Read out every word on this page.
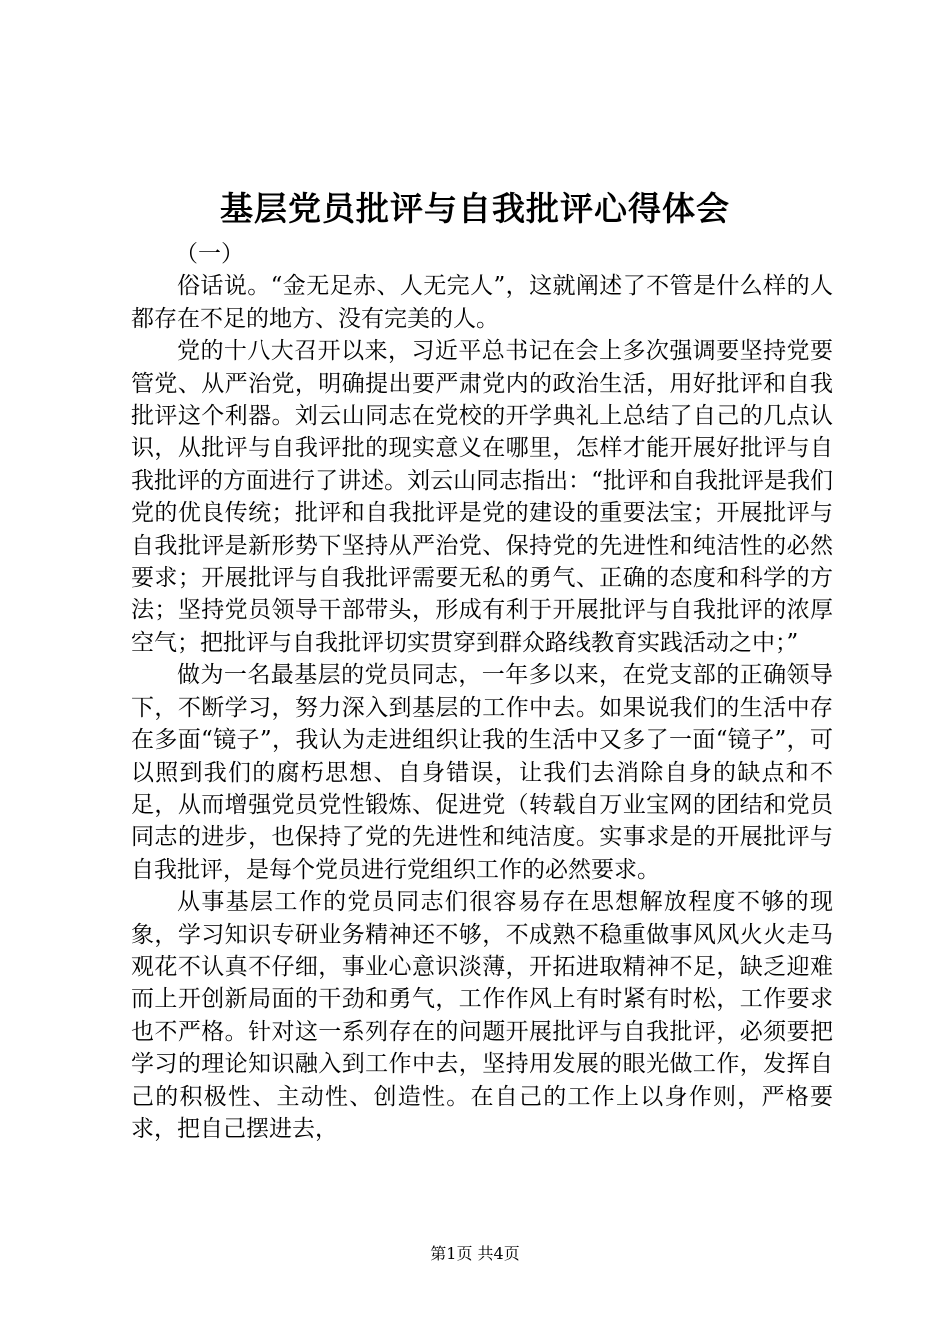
基层党员批评与自我批评心得体会

（一）

俗话说。“金无足赤、人无完人”，这就阐述了不管是什么样的人都存在不足的地方、没有完美的人。

党的十八大召开以来，习近平总书记在会上多次强调要坚持党要管党、从严治党，明确提出要严肃党内的政治生活，用好批评和自我批评这个利器。刘云山同志在党校的开学典礼上总结了自己的几点认识，从批评与自我评批的现实意义在哪里，怎样才能开展好批评与自我批评的方面进行了讲述。刘云山同志指出：“批评和自我批评是我们党的优良传统；批评和自我批评是党的建设的重要法宝；开展批评与自我批评是新形势下坚持从严治党、保持党的先进性和纯洁性的必然要求；开展批评与自我批评需要无私的勇气、正确的态度和科学的方法；坚持党员领导干部带头，形成有利于开展批评与自我批评的浓厚空气；把批评与自我批评切实贯穿到群众路线教育实践活动之中；”

做为一名最基层的党员同志，一年多以来，在党支部的正确领导下，不断学习，努力深入到基层的工作中去。如果说我们的生活中存在多面“镜子”，我认为走进组织让我的生活中又多了一面“镜子”，可以照到我们的腐朽思想、自身错误，让我们去消除自身的缺点和不足，从而增强党员党性锻炼、促进党（转载自万业宝网的团结和党员同志的进步，也保持了党的先进性和纯洁度。实事求是的开展批评与自我批评，是每个党员进行党组织工作的必然要求。

从事基层工作的党员同志们很容易存在思想解放程度不够的现象，学习知识专研业务精神还不够，不成熟不稳重做事风风火火走马观花不认真不仔细，事业心意识淡薄，开拓进取精神不足，缺乏迎难而上开创新局面的干劲和勇气，工作作风上有时紧有时松，工作要求也不严格。针对这一系列存在的问题开展批评与自我批评，必须要把学习的理论知识融入到工作中去，坚持用发展的眼光做工作，发挥自己的积极性、主动性、创造性。在自己的工作上以身作则，严格要求，把自己摆进去，

第1页 共4页
